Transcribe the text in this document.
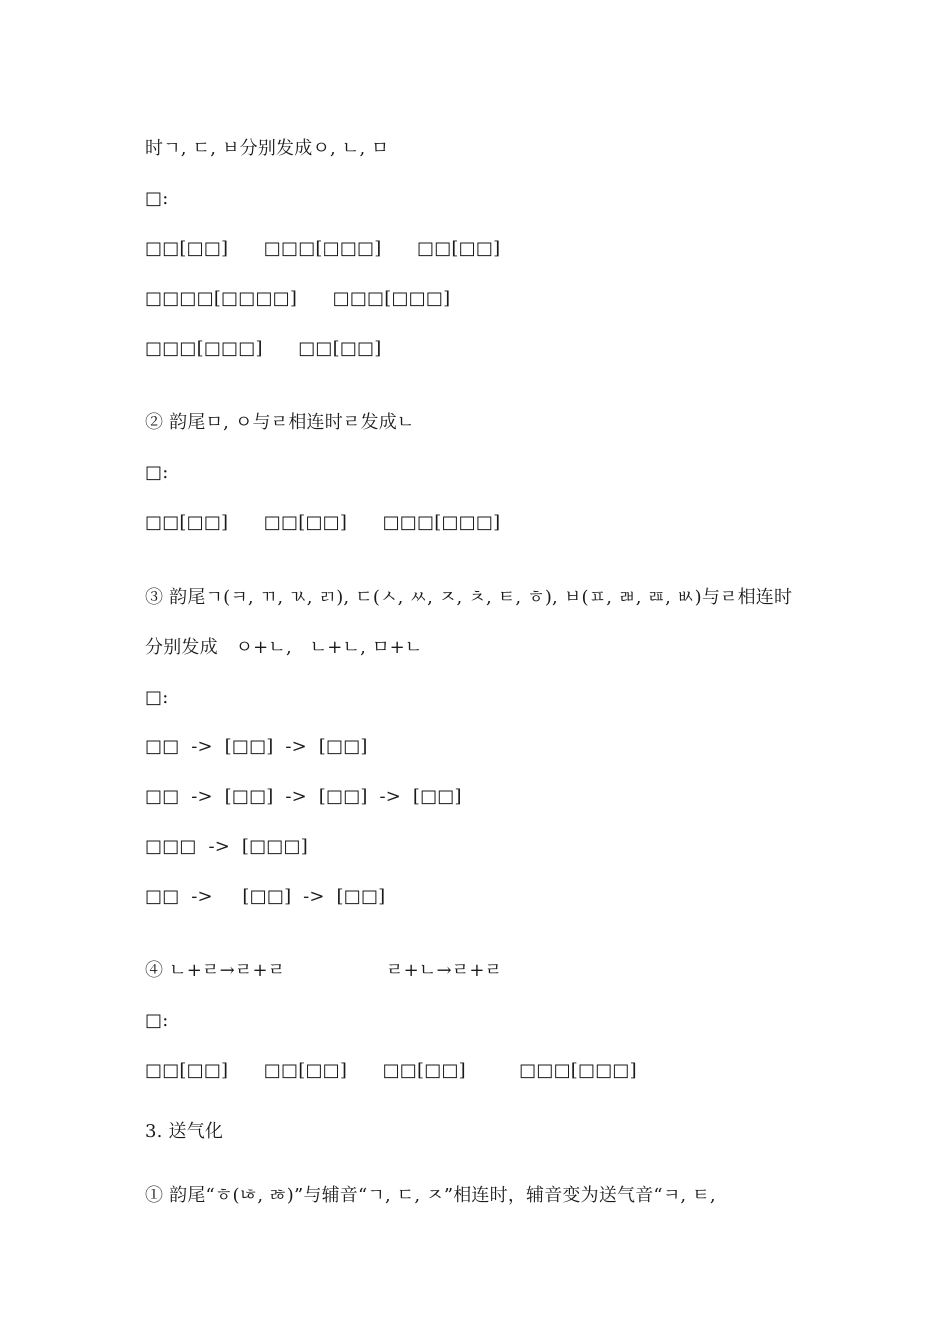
时ㄱ, ㄷ, ㅂ分别发成ㅇ, ㄴ, ㅁ
□:
□□[□□]      □□□[□□□]      □□[□□]
□□□□[□□□□]      □□□[□□□]
□□□[□□□]      □□[□□]
② 韵尾ㅁ, ㅇ与ㄹ相连时ㄹ发成ㄴ
□:
□□[□□]      □□[□□]      □□□[□□□]
③ 韵尾ㄱ(ㅋ, ㄲ, ㄳ, ㄺ), ㄷ(ㅅ, ㅆ, ㅈ, ㅊ, ㅌ, ㅎ), ㅂ(ㅍ, ㄼ, ㄿ, ㅄ)与ㄹ相连时
分别发成   ㅇ+ㄴ,   ㄴ+ㄴ, ㅁ+ㄴ
□:
□□  ->  [□□]  ->  [□□]
□□  ->  [□□]  ->  [□□]  ->  [□□]
□□□  ->  [□□□]
□□  ->     [□□]  ->  [□□]
④ ㄴ+ㄹ→ㄹ+ㄹ                 ㄹ+ㄴ→ㄹ+ㄹ
□:
□□[□□]      □□[□□]      □□[□□]         □□□[□□□]
3. 送气化
① 韵尾“ㅎ(ㄶ, ㅀ)”与辅音“ㄱ, ㄷ, ㅈ”相连时，辅音变为送气音“ㅋ, ㅌ,
